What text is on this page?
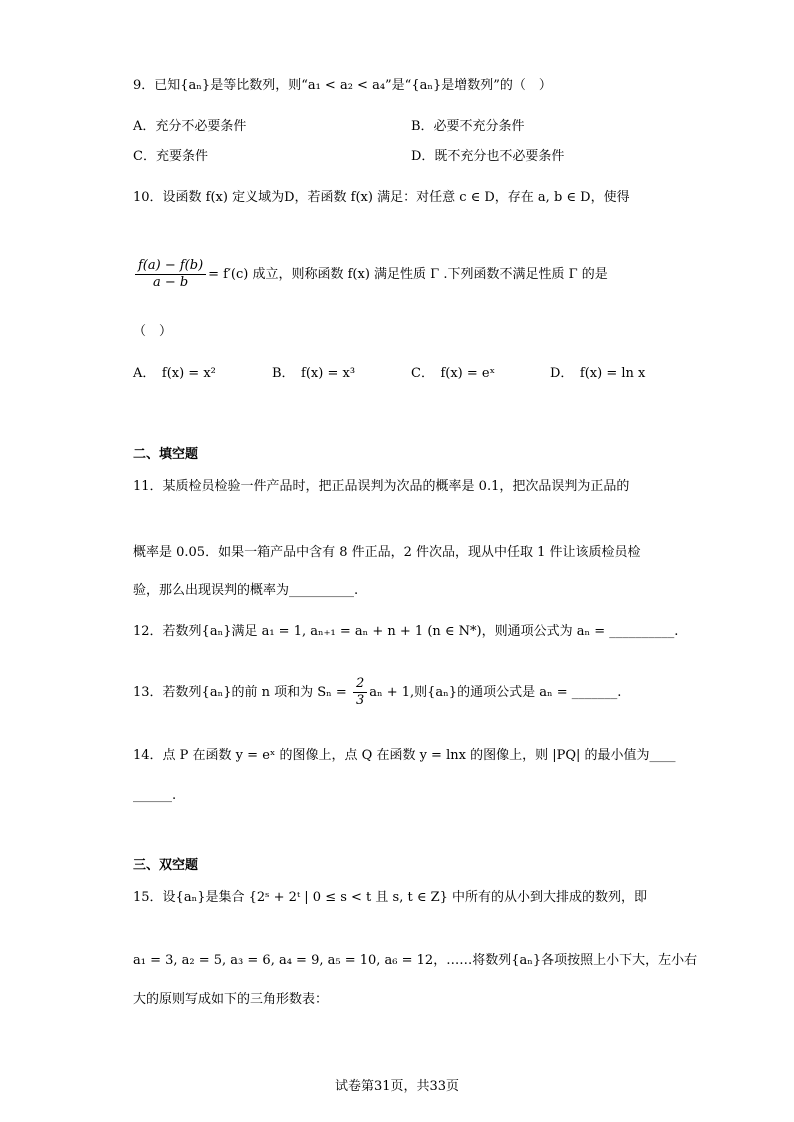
9．已知{aₙ}是等比数列，则“a₁ < a₂ < a₄”是“{aₙ}是增数列”的（　）
A．充分不必要条件	B．必要不充分条件
C．充要条件	D．既不充分也不必要条件
10．设函数 f(x) 定义域为D，若函数 f(x) 满足：对任意 c ∈ D，存在 a, b ∈ D，使得
$\frac{f(a) - f(b)}{a - b} = f'(c)$ 成立，则称函数 f(x) 满足性质 Γ .下列函数不满足性质 Γ 的是
（　）
A．　f(x) = x²	B．　f(x) = x³	C．　f(x) = eˣ	D．　f(x) = ln x
二、填空题
11．某质检员检验一件产品时，把正品误判为次品的概率是 0.1，把次品误判为正品的
概率是 0.05．如果一箱产品中含有 8 件正品，2 件次品，现从中任取 1 件让该质检员检
验，那么出现误判的概率为__________.
12．若数列{aₙ}满足 a₁ = 1, aₙ₊₁ = aₙ + n + 1 (n ∈ N*)，则通项公式为 aₙ = __________.
13．若数列{aₙ}的前 n 项和为 $S_n = \frac{2}{3}$ aₙ + 1,则{aₙ}的通项公式是 aₙ = _______.
14．点 P 在函数 y = eˣ 的图像上，点 Q 在函数 y = lnx 的图像上，则 |PQ| 的最小值为____
______.
三、双空题
15．设{aₙ}是集合 {2ˢ + 2ᵗ | 0 ≤ s < t 且 s, t ∈ Z} 中所有的从小到大排成的数列，即
a₁ = 3, a₂ = 5, a₃ = 6, a₄ = 9, a₅ = 10, a₆ = 12，……将数列{aₙ}各项按照上小下大，左小右
大的原则写成如下的三角形数表：
试卷第31页，共33页
